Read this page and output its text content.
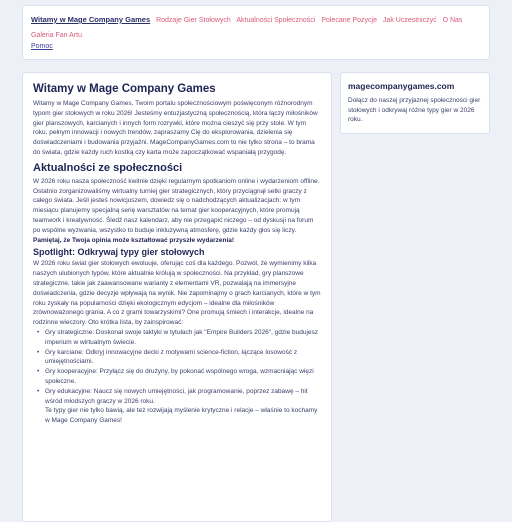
Witamy w Mage Company Games Rodzaje Gier Stołowych Aktualności Społeczności Polecane Pozycje Jak Uczestniczyć O Nas
Galeria Fan Artu
Pomoc
Witamy w Mage Company Games

Witamy w Mage Company Games, Twoim portalu społecznościowym poświęconym różnorodnym typom gier stołowych w roku 2026! Jesteśmy entuzjastyczną społecznością, która łączy miłośników gier planszowych, karcianych i innych form rozrywki, które można cieszyć się przy stole. W tym roku, pełnym innowacji i nowych trendów, zapraszamy Cię do eksplorowania, dzielenia się doświadczeniami i budowania przyjaźni. MageCompanyGames.com to nie tylko strona – to brama do świata, gdzie każdy ruch kostką czy karta może zapoczątkować wspaniałą przygodę.

Aktualności ze społeczności

W 2026 roku nasza społeczność kwitnie dzięki regularnym spotkaniom online i wydarzeniom offline. Ostatnio zorganizowaliśmy wirtualny turniej gier strategicznych, który przyciągnął setki graczy z całego świata. Jeśli jesteś nowicjuszem, dowiedz się o nadchodzących aktualizacjach: w tym miesiącu planujemy specjalną serię warsztatów na temat gier kooperacyjnych, które promują teamwork i kreatywność. Śledź nasz kalendarz, aby nie przegapić niczego – od dyskusji na forum po wspólne wyzwania, wszystko to buduje inkluzywną atmosferę, gdzie każdy głos się liczy. Pamiętaj, że Twoja opinia może kształtować przyszłe wydarzenia!

Spotlight: Odkrywaj typy gier stołowych

W 2026 roku świat gier stołowych ewoluuje, oferując coś dla każdego. Pozwól, że wymienimy kilka naszych ulubionych typów, które aktualnie królują w społeczności. Na przykład, gry planszowe strategiczne, takie jak zaawansowane warianty z elementami VR, pozwalają na immersyjne doświadczenia, gdzie decyzje wpływają na wynik. Nie zapominajmy o grach karcianych, które w tym roku zyskały na popularności dzięki ekologicznym edycjom – idealne dla miłośników zrównoważonego grania. A co z grami towarzyskimi? One promują śmiech i interakcje, idealne na rodzinne wieczory. Oto krótka lista, by zainspirować:

• Gry strategiczne: Doskonał swoje taktyki w tytułach jak "Empire Builders 2026", gdzie budujesz imperium w wirtualnym świecie.
• Gry karciane: Odkryj innowacyjne decki z motywami science-fiction, łączące losowość z umiejętnościami.
• Gry kooperacyjne: Przyłącz się do drużyny, by pokonać wspólnego wroga, wzmacniając więzi społeczne.
• Gry edukacyjne: Naucz się nowych umiejętności, jak programowanie, poprzez zabawę – hit wśród młodszych graczy w 2026 roku.

Te typy gier nie tylko bawią, ale też rozwijają myślenie krytyczne i relacje – właśnie to kochamy w Mage Company Games!

magecompanygames.com

Dołącz do naszej przyjaznej społeczności gier stołowych i odkrywaj różne typy gier w 2026 roku.
